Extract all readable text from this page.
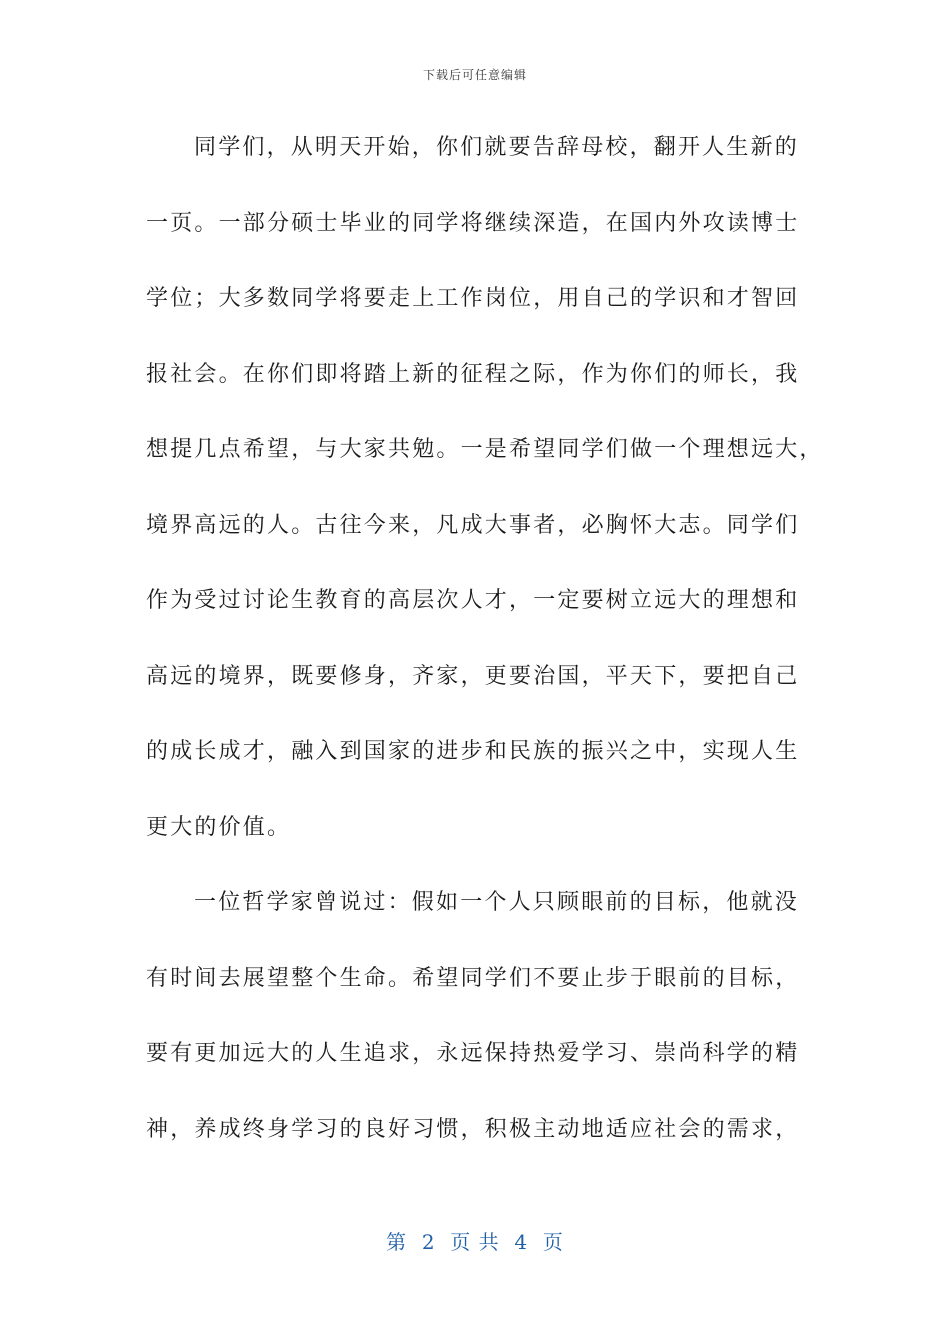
下载后可任意编辑
同学们，从明天开始，你们就要告辞母校，翻开人生新的
一页。一部分硕士毕业的同学将继续深造，在国内外攻读博士
学位；大多数同学将要走上工作岗位，用自己的学识和才智回
报社会。在你们即将踏上新的征程之际，作为你们的师长，我
想提几点希望，与大家共勉。一是希望同学们做一个理想远大，
境界高远的人。古往今来，凡成大事者，必胸怀大志。同学们
作为受过讨论生教育的高层次人才，一定要树立远大的理想和
高远的境界，既要修身，齐家，更要治国，平天下，要把自己
的成长成才，融入到国家的进步和民族的振兴之中，实现人生
更大的价值。
一位哲学家曾说过：假如一个人只顾眼前的目标，他就没
有时间去展望整个生命。希望同学们不要止步于眼前的目标，
要有更加远大的人生追求，永远保持热爱学习、崇尚科学的精
神，养成终身学习的良好习惯，积极主动地适应社会的需求，
第  2  页 共  4  页
